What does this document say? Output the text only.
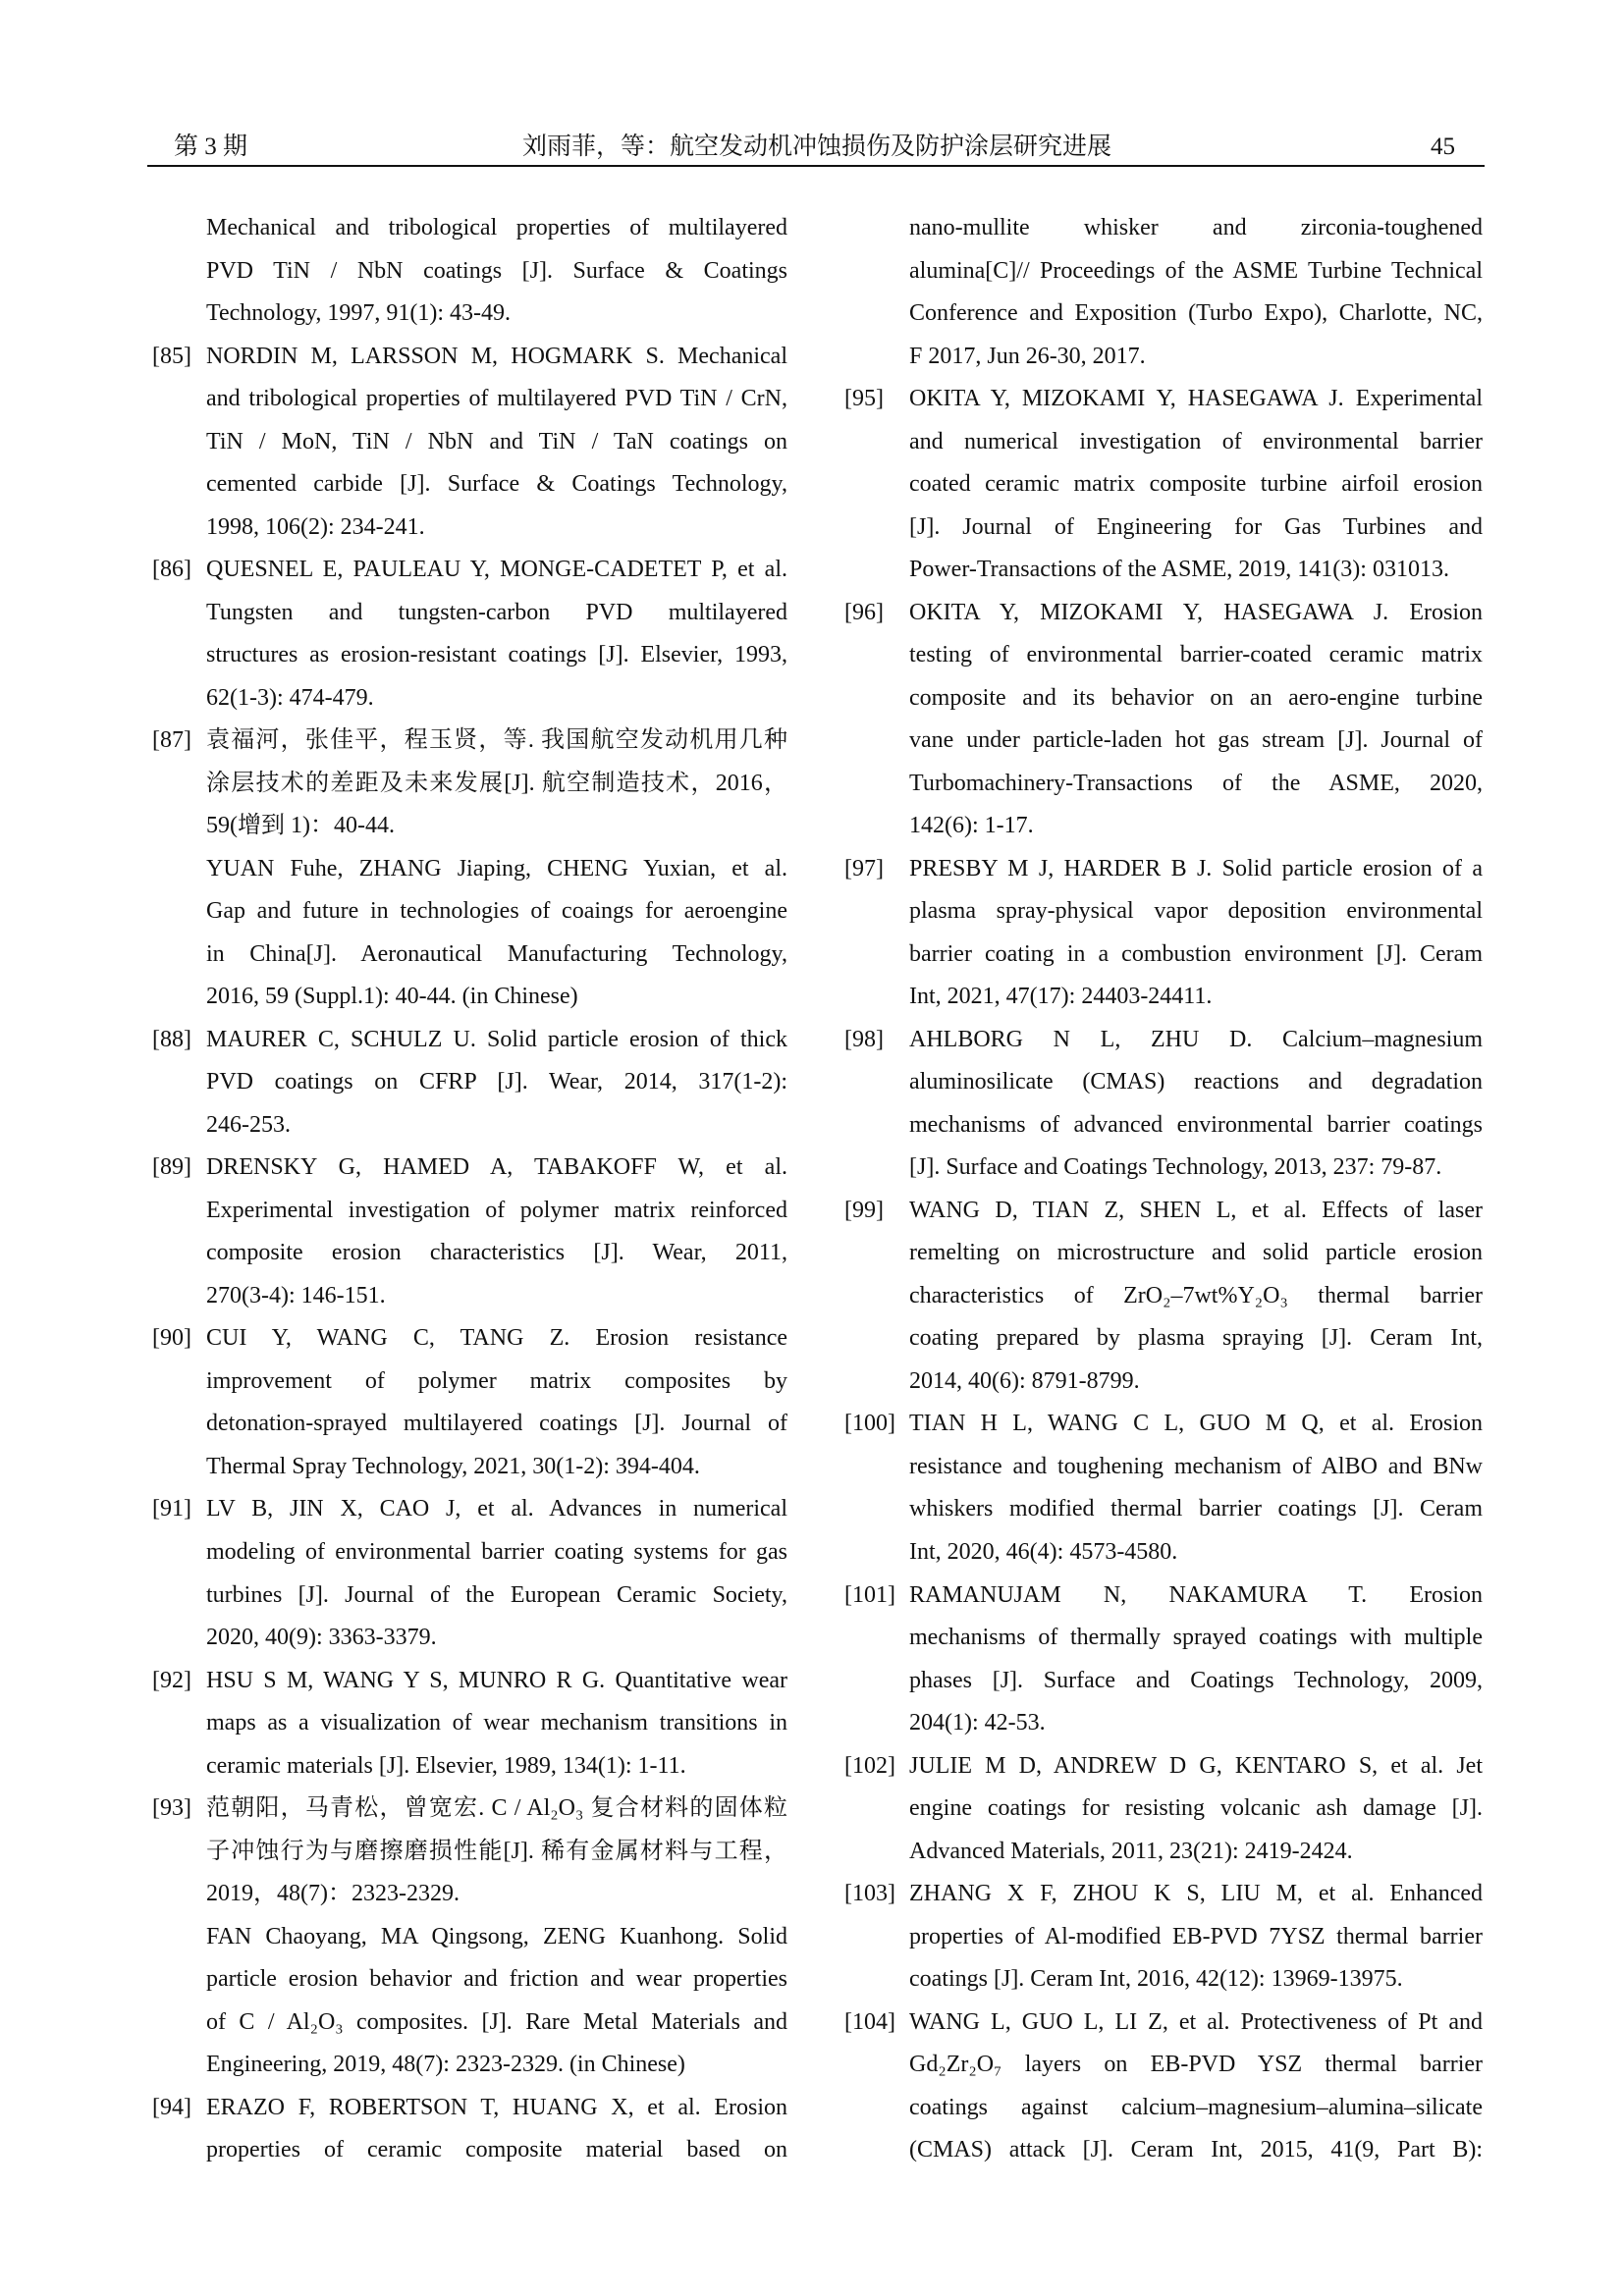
第 3 期	刘雨菲，等：航空发动机冲蚀损伤及防护涂层研究进展	45
Mechanical and tribological properties of multilayered
PVD TiN / NbN coatings [J]. Surface & Coatings
Technology, 1997, 91(1): 43-49.
[85] NORDIN M, LARSSON M, HOGMARK S. Mechanical
and tribological properties of multilayered PVD TiN / CrN,
TiN / MoN, TiN / NbN and TiN / TaN coatings on
cemented carbide [J]. Surface & Coatings Technology,
1998, 106(2): 234-241.
[86] QUESNEL E, PAULEAU Y, MONGE-CADETET P, et al.
Tungsten and tungsten-carbon PVD multilayered
structures as erosion-resistant coatings [J]. Elsevier, 1993,
62(1-3): 474-479.
[87] 袁福河，张佳平，程玉贤，等. 我国航空发动机用几种
涂层技术的差距及未来发展[J]. 航空制造技术，2016，
59(增到 1)：40-44.
YUAN Fuhe, ZHANG Jiaping, CHENG Yuxian, et al.
Gap and future in technologies of coaings for aeroengine
in China[J]. Aeronautical Manufacturing Technology,
2016, 59 (Suppl.1): 40-44. (in Chinese)
[88] MAURER C, SCHULZ U. Solid particle erosion of thick
PVD coatings on CFRP [J]. Wear, 2014, 317(1-2):
246-253.
[89] DRENSKY G, HAMED A, TABAKOFF W, et al.
Experimental investigation of polymer matrix reinforced
composite erosion characteristics [J]. Wear, 2011,
270(3-4): 146-151.
[90] CUI Y, WANG C, TANG Z. Erosion resistance
improvement of polymer matrix composites by
detonation-sprayed multilayered coatings [J]. Journal of
Thermal Spray Technology, 2021, 30(1-2): 394-404.
[91] LV B, JIN X, CAO J, et al. Advances in numerical
modeling of environmental barrier coating systems for gas
turbines [J]. Journal of the European Ceramic Society,
2020, 40(9): 3363-3379.
[92] HSU S M, WANG Y S, MUNRO R G. Quantitative wear
maps as a visualization of wear mechanism transitions in
ceramic materials [J]. Elsevier, 1989, 134(1): 1-11.
[93] 范朝阳，马青松，曾宽宏. C / Al₂O₃ 复合材料的固体粒
子冲蚀行为与磨擦磨损性能[J]. 稀有金属材料与工程，
2019，48(7)：2323-2329.
FAN Chaoyang, MA Qingsong, ZENG Kuanhong. Solid
particle erosion behavior and friction and wear properties
of C / Al₂O₃ composites. [J]. Rare Metal Materials and
Engineering, 2019, 48(7): 2323-2329. (in Chinese)
[94] ERAZO F, ROBERTSON T, HUANG X, et al. Erosion
properties of ceramic composite material based on
nano-mullite whisker and zirconia-toughened
alumina[C]// Proceedings of the ASME Turbine Technical
Conference and Exposition (Turbo Expo), Charlotte, NC,
F 2017, Jun 26-30, 2017.
[95] OKITA Y, MIZOKAMI Y, HASEGAWA J. Experimental
and numerical investigation of environmental barrier
coated ceramic matrix composite turbine airfoil erosion
[J]. Journal of Engineering for Gas Turbines and
Power-Transactions of the ASME, 2019, 141(3): 031013.
[96] OKITA Y, MIZOKAMI Y, HASEGAWA J. Erosion
testing of environmental barrier-coated ceramic matrix
composite and its behavior on an aero-engine turbine
vane under particle-laden hot gas stream [J]. Journal of
Turbomachinery-Transactions of the ASME, 2020,
142(6): 1-17.
[97] PRESBY M J, HARDER B J. Solid particle erosion of a
plasma spray-physical vapor deposition environmental
barrier coating in a combustion environment [J]. Ceram
Int, 2021, 47(17): 24403-24411.
[98] AHLBORG N L, ZHU D. Calcium–magnesium
aluminosilicate (CMAS) reactions and degradation
mechanisms of advanced environmental barrier coatings
[J]. Surface and Coatings Technology, 2013, 237: 79-87.
[99] WANG D, TIAN Z, SHEN L, et al. Effects of laser
remelting on microstructure and solid particle erosion
characteristics of ZrO₂–7wt%Y₂O₃ thermal barrier
coating prepared by plasma spraying [J]. Ceram Int,
2014, 40(6): 8791-8799.
[100] TIAN H L, WANG C L, GUO M Q, et al. Erosion
resistance and toughening mechanism of AlBO and BNw
whiskers modified thermal barrier coatings [J]. Ceram
Int, 2020, 46(4): 4573-4580.
[101] RAMANUJAM N, NAKAMURA T. Erosion
mechanisms of thermally sprayed coatings with multiple
phases [J]. Surface and Coatings Technology, 2009,
204(1): 42-53.
[102] JULIE M D, ANDREW D G, KENTARO S, et al. Jet
engine coatings for resisting volcanic ash damage [J].
Advanced Materials, 2011, 23(21): 2419-2424.
[103] ZHANG X F, ZHOU K S, LIU M, et al. Enhanced
properties of Al-modified EB-PVD 7YSZ thermal barrier
coatings [J]. Ceram Int, 2016, 42(12): 13969-13975.
[104] WANG L, GUO L, LI Z, et al. Protectiveness of Pt and
Gd₂Zr₂O₇ layers on EB-PVD YSZ thermal barrier
coatings against calcium–magnesium–alumina–silicate
(CMAS) attack [J]. Ceram Int, 2015, 41(9, Part B):
